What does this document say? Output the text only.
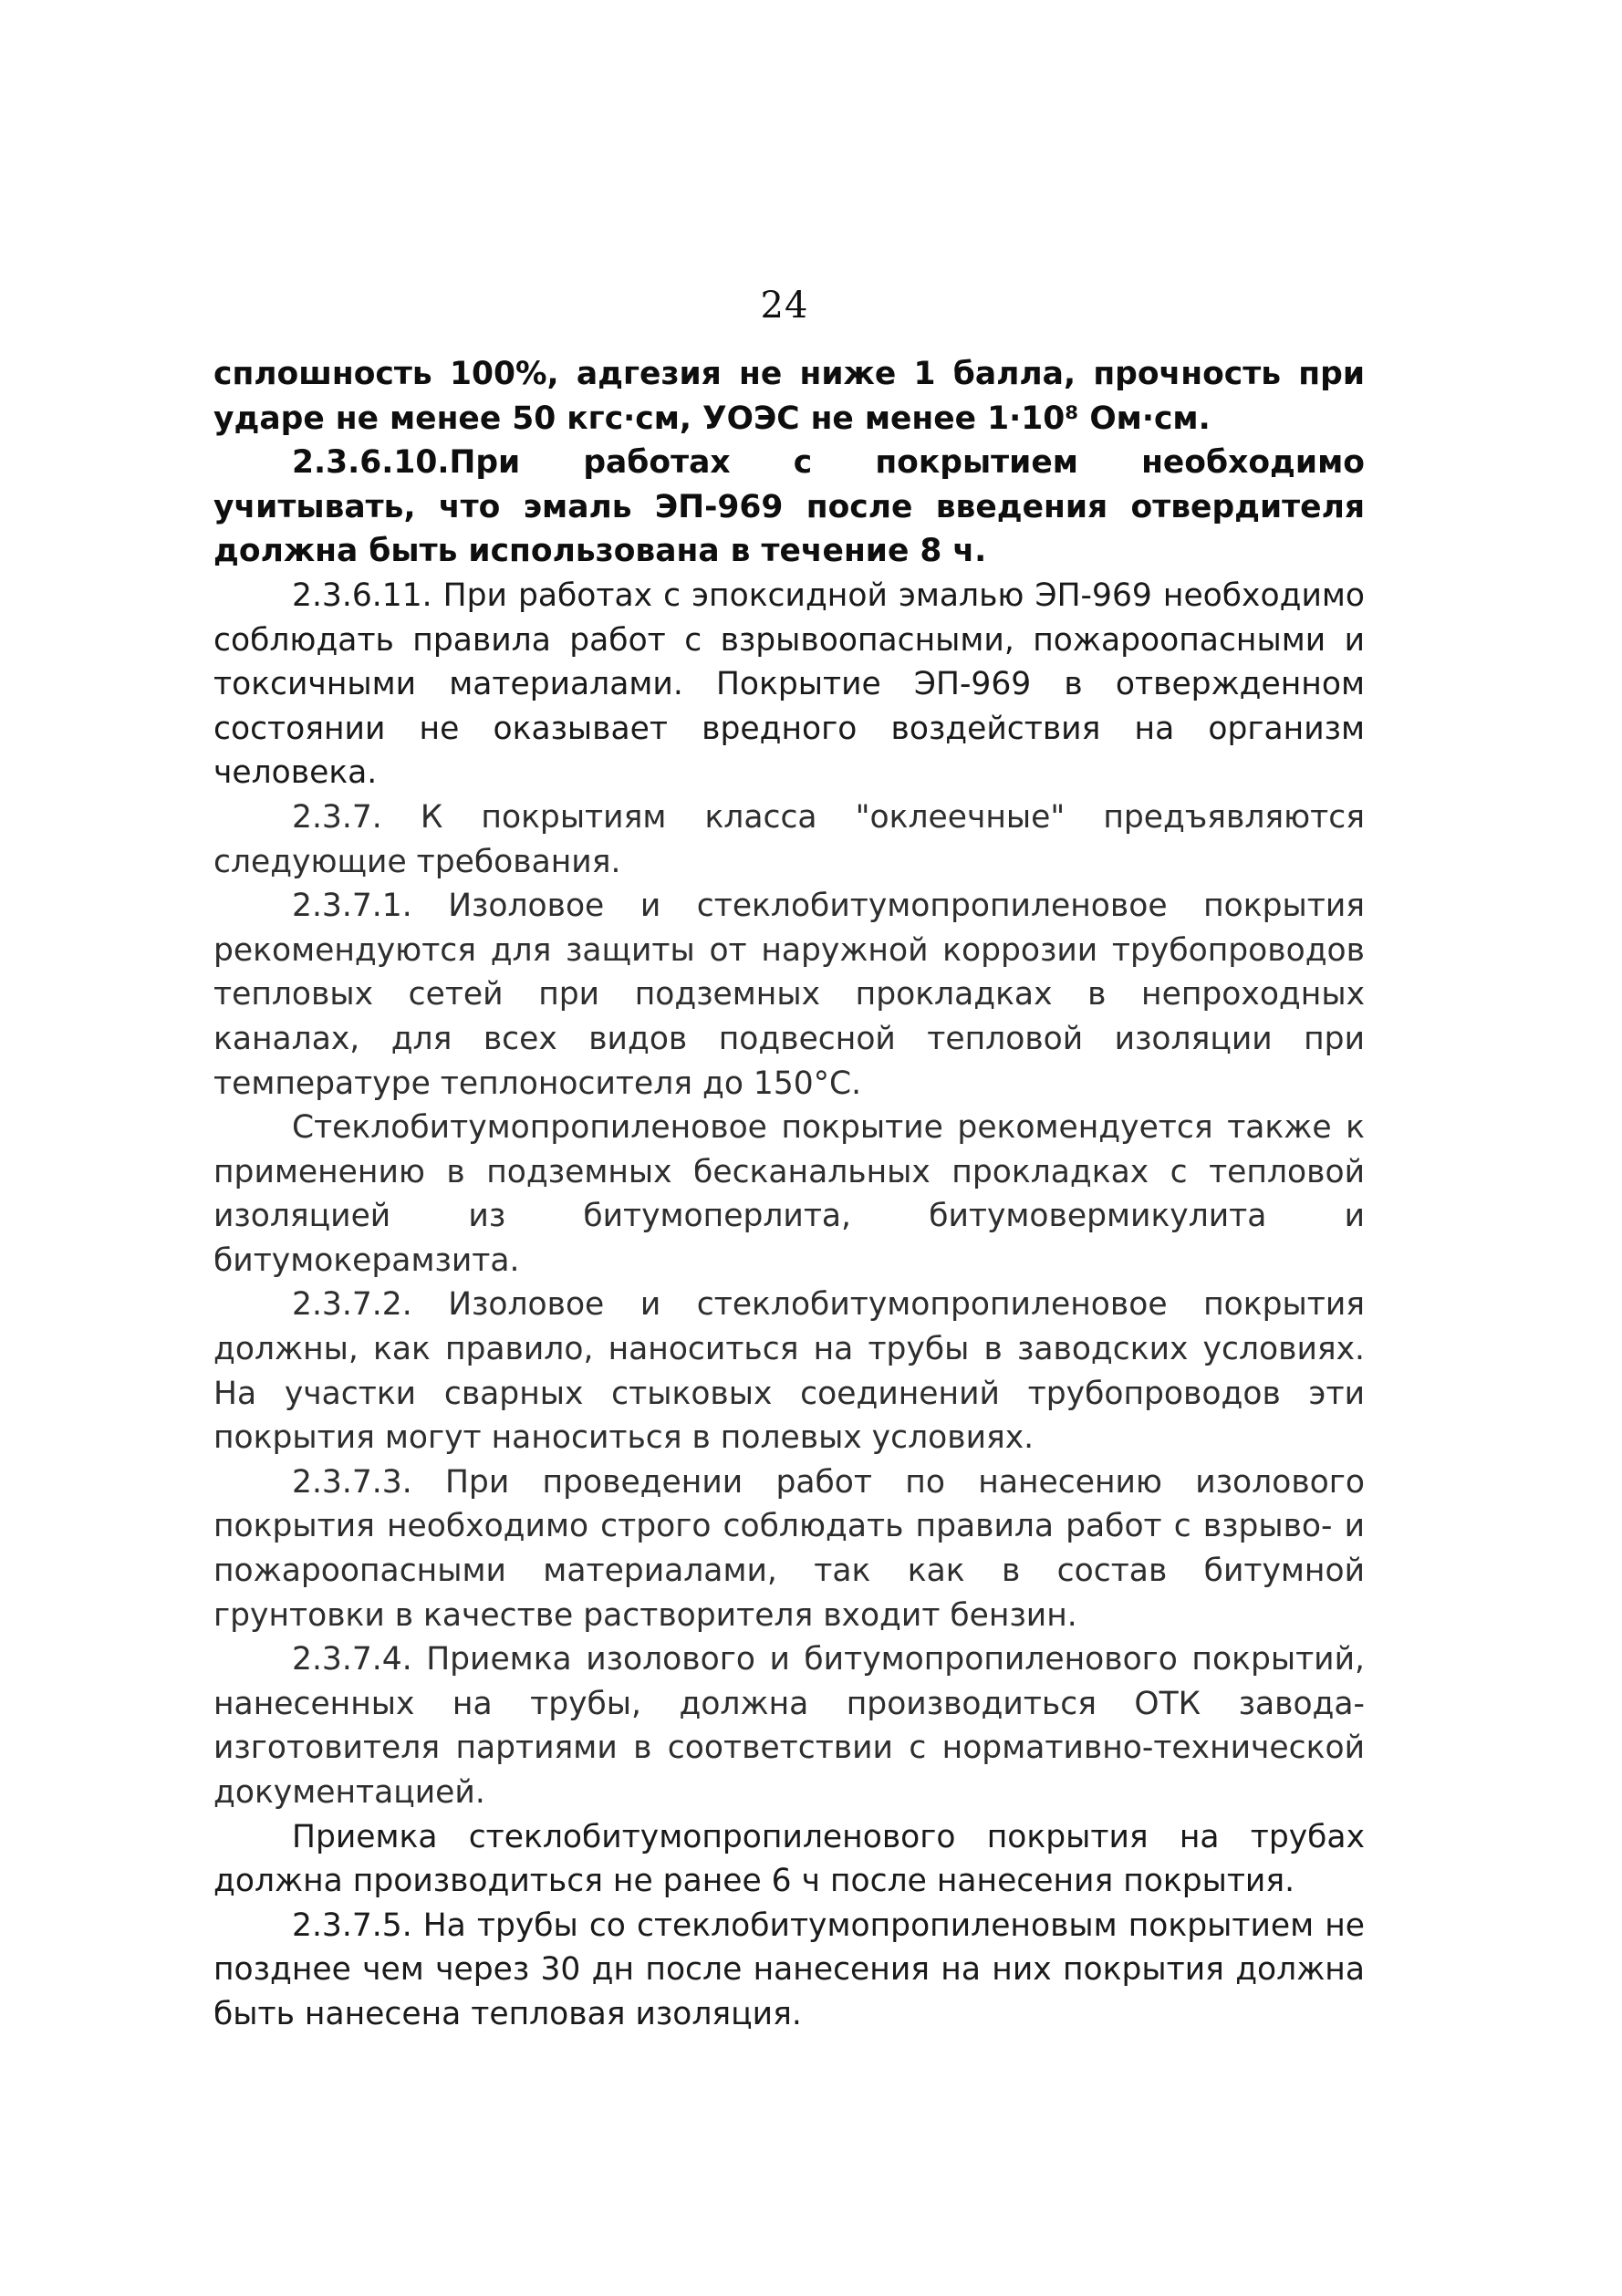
24

сплошность 100%, адгезия не ниже 1 балла, прочность при ударе не менее 50 кгс·см, УОЭС не менее 1·10⁸ Ом·см.

2.3.6.10.При работах с покрытием необходимо учитывать, что эмаль ЭП-969 после введения отвердителя должна быть использована в течение 8 ч.

2.3.6.11. При работах с эпоксидной эмалью ЭП-969 необходимо соблюдать правила работ с взрывоопасными, пожароопасными и токсичными материалами. Покрытие ЭП-969 в отвержденном состоянии не оказывает вредного воздействия на организм человека.

2.3.7. К покрытиям класса "оклеечные" предъявляются следующие требования.

2.3.7.1. Изоловое и стеклобитумопропиленовое покрытия рекомендуются для защиты от наружной коррозии трубопроводов тепловых сетей при подземных прокладках в непроходных каналах, для всех видов подвесной тепловой изоляции при температуре теплоносителя до 150°С.

Стеклобитумопропиленовое покрытие рекомендуется также к применению в подземных бесканальных прокладках с тепловой изоляцией из битумоперлита, битумовермикулита и битумокерамзита.

2.3.7.2. Изоловое и стеклобитумопропиленовое покрытия должны, как правило, наноситься на трубы в заводских условиях. На участки сварных стыковых соединений трубопроводов эти покрытия могут наноситься в полевых условиях.

2.3.7.3. При проведении работ по нанесению изолового покрытия необходимо строго соблюдать правила работ с взрыво- и пожароопасными материалами, так как в состав битумной грунтовки в качестве растворителя входит бензин.

2.3.7.4. Приемка изолового и битумопропиленового покрытий, нанесенных на трубы, должна производиться ОТК завода-изготовителя партиями в соответствии с нормативно-технической документацией.

Приемка стеклобитумопропиленового покрытия на трубах должна производиться не ранее 6 ч после нанесения покрытия.

2.3.7.5. На трубы со стеклобитумопропиленовым покрытием не позднее чем через 30 дн после нанесения на них покрытия должна быть нанесена тепловая изоляция.
